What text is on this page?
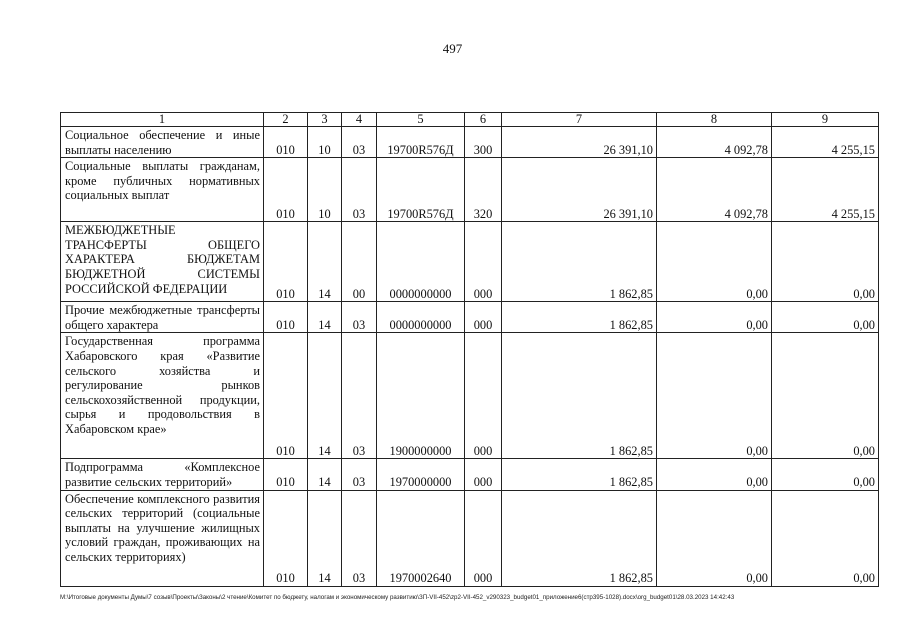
497
1	2	3	4	5	6	7	8	9
Социальное обеспечение и иные выплаты населению	010	10	03	19700R576Д	300	26 391,10	4 092,78	4 255,15
Социальные выплаты гражданам, кроме публичных нормативных социальных выплат	010	10	03	19700R576Д	320	26 391,10	4 092,78	4 255,15
МЕЖБЮДЖЕТНЫЕ ТРАНСФЕРТЫ ОБЩЕГО ХАРАКТЕРА БЮДЖЕТАМ БЮДЖЕТНОЙ СИСТЕМЫ РОССИЙСКОЙ ФЕДЕРАЦИИ	010	14	00	0000000000	000	1 862,85	0,00	0,00
Прочие межбюджетные трансферты общего характера	010	14	03	0000000000	000	1 862,85	0,00	0,00
Государственная программа Хабаровского края «Развитие сельского хозяйства и регулирование рынков сельскохозяйственной продукции, сырья и продовольствия в Хабаровском крае»	010	14	03	1900000000	000	1 862,85	0,00	0,00
Подпрограмма «Комплексное развитие сельских территорий»	010	14	03	1970000000	000	1 862,85	0,00	0,00
Обеспечение комплексного развития сельских территорий (социальные выплаты на улучшение жилищных условий граждан, проживающих на сельских территориях)	010	14	03	1970002640	000	1 862,85	0,00	0,00
M:\Итоговые документы Думы\7 созыв\Проекты\Законы\2 чтение\Комитет по бюджету, налогам и экономическому развитию\ЗП-VII-452\zp2-VII-452_v290323_budget01_приложение6(стр395-1028).docx\org_budget01\28.03.2023 14:42:43
